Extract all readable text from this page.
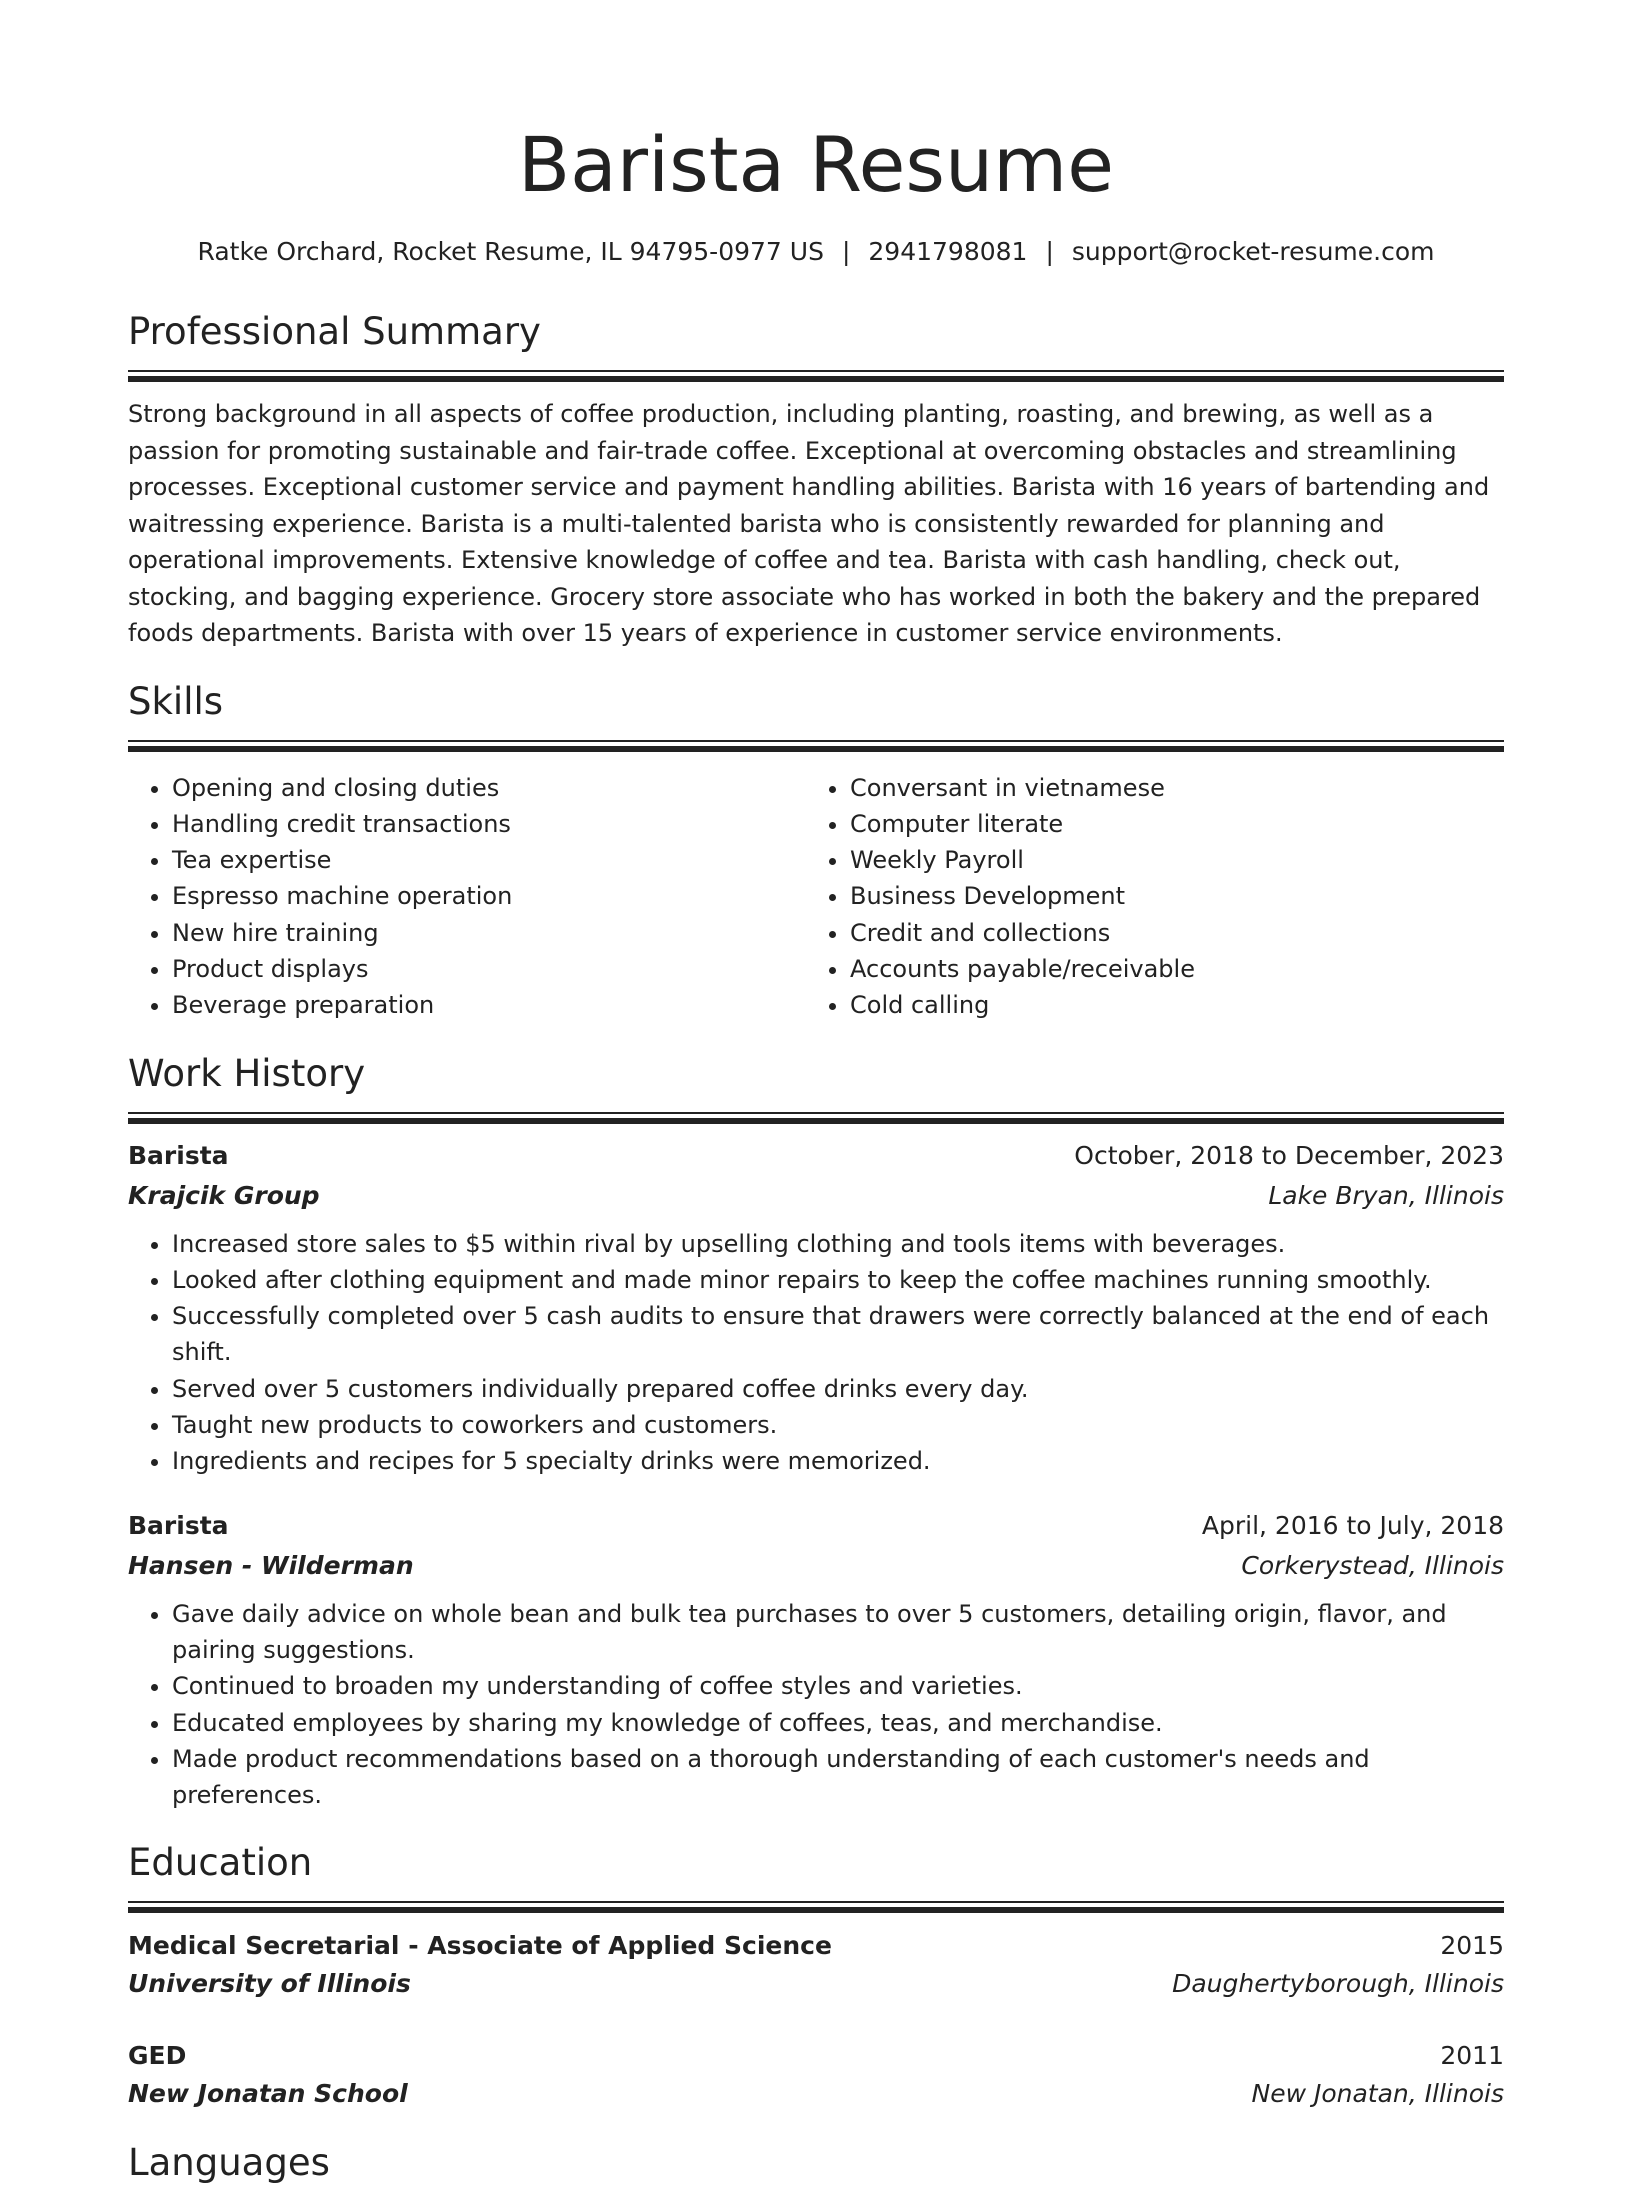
Barista Resume
Ratke Orchard, Rocket Resume, IL 94795-0977 US | 2941798081 | support@rocket-resume.com
Professional Summary
Strong background in all aspects of coffee production, including planting, roasting, and brewing, as well as a passion for promoting sustainable and fair-trade coffee. Exceptional at overcoming obstacles and streamlining processes. Exceptional customer service and payment handling abilities. Barista with 16 years of bartending and waitressing experience. Barista is a multi-talented barista who is consistently rewarded for planning and operational improvements. Extensive knowledge of coffee and tea. Barista with cash handling, check out, stocking, and bagging experience. Grocery store associate who has worked in both the bakery and the prepared foods departments. Barista with over 15 years of experience in customer service environments.
Skills
• Opening and closing duties
• Handling credit transactions
• Tea expertise
• Espresso machine operation
• New hire training
• Product displays
• Beverage preparation
• Conversant in vietnamese
• Computer literate
• Weekly Payroll
• Business Development
• Credit and collections
• Accounts payable/receivable
• Cold calling
Work History
Barista	October, 2018 to December, 2023
Krajcik Group	Lake Bryan, Illinois
• Increased store sales to $5 within rival by upselling clothing and tools items with beverages.
• Looked after clothing equipment and made minor repairs to keep the coffee machines running smoothly.
• Successfully completed over 5 cash audits to ensure that drawers were correctly balanced at the end of each shift.
• Served over 5 customers individually prepared coffee drinks every day.
• Taught new products to coworkers and customers.
• Ingredients and recipes for 5 specialty drinks were memorized.
Barista	April, 2016 to July, 2018
Hansen - Wilderman	Corkerystead, Illinois
• Gave daily advice on whole bean and bulk tea purchases to over 5 customers, detailing origin, flavor, and pairing suggestions.
• Continued to broaden my understanding of coffee styles and varieties.
• Educated employees by sharing my knowledge of coffees, teas, and merchandise.
• Made product recommendations based on a thorough understanding of each customer's needs and preferences.
Education
Medical Secretarial - Associate of Applied Science	2015
University of Illinois	Daughertyborough, Illinois
GED	2011
New Jonatan School	New Jonatan, Illinois
Languages
